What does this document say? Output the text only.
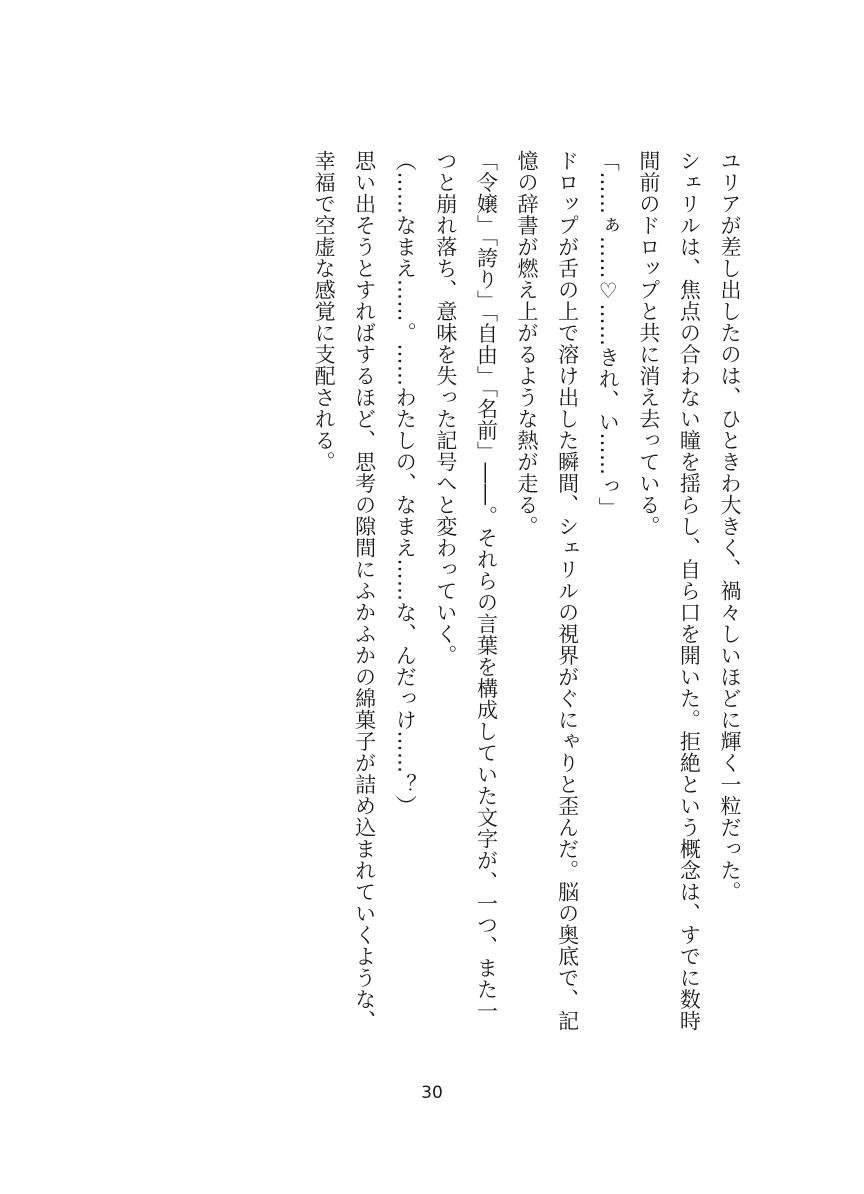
ユリアが差し出したのは、ひときわ大きく、禍々しいほどに輝く一粒だった。

シェリルは、焦点の合わない瞳を揺らし、自ら口を開いた。拒絶という概念は、すでに数時

間前のドロップと共に消え去っている。

「……ぁ……♡……きれ、い……っ」

ドロップが舌の上で溶け出した瞬間、シェリルの視界がぐにゃりと歪んだ。脳の奥底で、記

憶の辞書が燃え上がるような熱が走る。

「令嬢」「誇り」「自由」「名前」――。それらの言葉を構成していた文字が、一つ、また一

つと崩れ落ち、意味を失った記号へと変わっていく。

（……なまえ……。……わたしの、なまえ……な、んだっけ……？）

思い出そうとすればするほど、思考の隙間にふかふかの綿菓子が詰め込まれていくような、

幸福で空虚な感覚に支配される。

30
